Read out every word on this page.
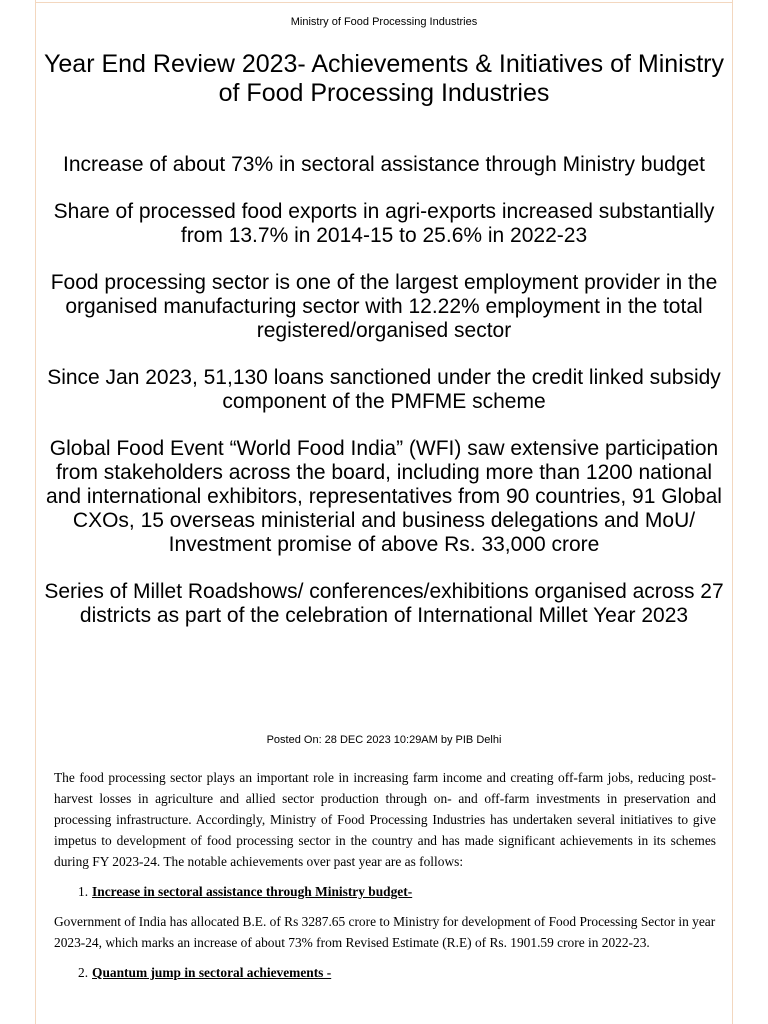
Ministry of Food Processing Industries
Year End Review 2023- Achievements & Initiatives of Ministry of Food Processing Industries

Increase of about 73% in sectoral assistance through Ministry budget

Share of processed food exports in agri-exports increased substantially from 13.7% in 2014-15 to 25.6% in 2022-23

Food processing sector is one of the largest employment provider in the organised manufacturing sector with 12.22% employment in the total registered/organised sector

Since Jan 2023, 51,130 loans sanctioned under the credit linked subsidy component of the PMFME scheme

Global Food Event “World Food India” (WFI) saw extensive participation from stakeholders across the board, including more than 1200 national and international exhibitors, representatives from 90 countries, 91 Global CXOs, 15 overseas ministerial and business delegations and MoU/ Investment promise of above Rs. 33,000 crore

Series of Millet Roadshows/ conferences/exhibitions organised across 27 districts as part of the celebration of International Millet Year 2023

Posted On: 28 DEC 2023 10:29AM by PIB Delhi

The food processing sector plays an important role in increasing farm income and creating off-farm jobs, reducing post-harvest losses in agriculture and allied sector production through on- and off-farm investments in preservation and processing infrastructure. Accordingly, Ministry of Food Processing Industries has undertaken several initiatives to give impetus to development of food processing sector in the country and has made significant achievements in its schemes during FY 2023-24. The notable achievements over past year are as follows:

1. Increase in sectoral assistance through Ministry budget-

Government of India has allocated B.E. of Rs 3287.65 crore to Ministry for development of Food Processing Sector in year 2023-24, which marks an increase of about 73% from Revised Estimate (R.E) of Rs. 1901.59 crore in 2022-23.

2. Quantum jump in sectoral achievements -
